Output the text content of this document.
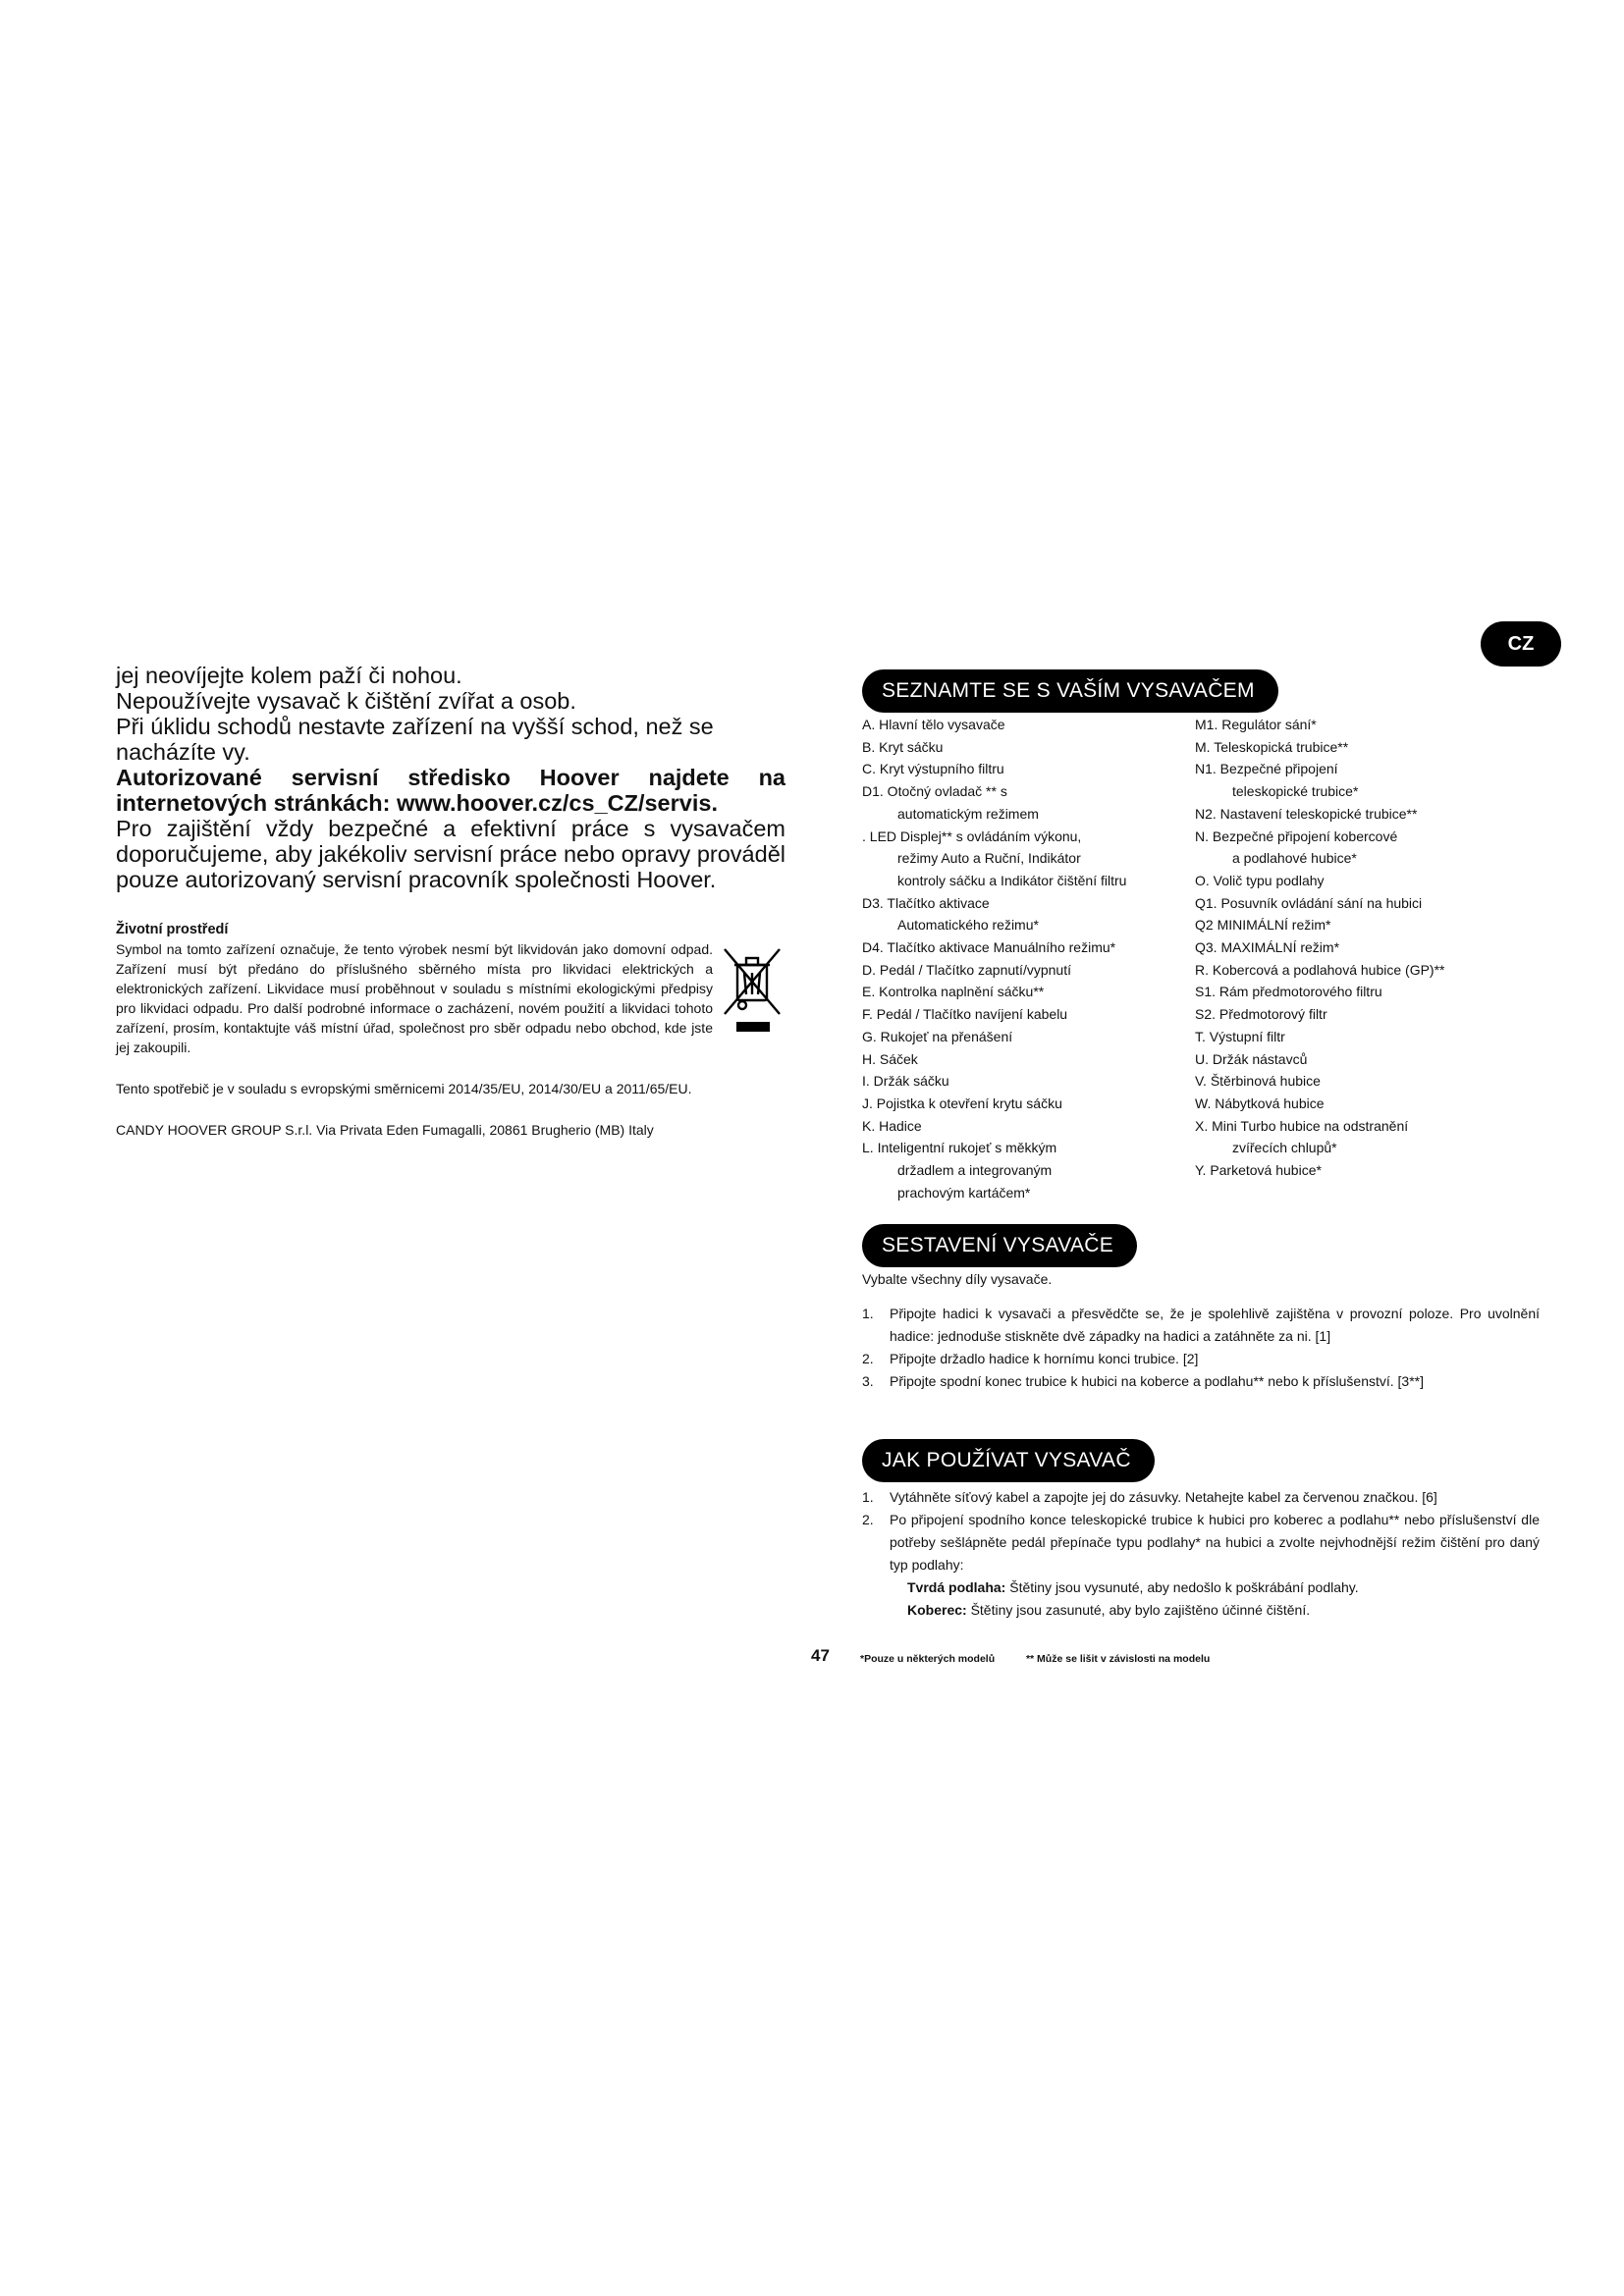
jej neovíjejte kolem paží či nohou.

Nepoužívejte vysavač k čištění zvířat a osob.

Při úklidu schodů nestavte zařízení na vyšší schod, než se

nacházíte vy.

Autorizované servisní středisko Hoover najdete na internetových stránkách: www.hoover.cz/cs_CZ/servis.

Pro zajištění vždy bezpečné a efektivní práce s vysavačem doporučujeme, aby jakékoliv servisní práce nebo opravy prováděl pouze autorizovaný servisní pracovník společnosti Hoover.

Životní prostředí

Symbol na tomto zařízení označuje, že tento výrobek nesmí být likvidován jako domovní odpad. Zařízení musí být předáno do příslušného sběrného místa pro likvidaci elektrických a elektronických zařízení. Likvidace musí proběhnout v souladu s místními ekologickými předpisy pro likvidaci odpadu. Pro další podrobné informace o zacházení, novém použití a likvidaci tohoto zařízení, prosím, kontaktujte váš místní úřad, společnost pro sběr odpadu nebo obchod, kde jste jej zakoupili.

Tento spotřebič je v souladu s evropskými směrnicemi 2014/35/EU, 2014/30/EU a 2011/65/EU.

CANDY HOOVER GROUP S.r.l. Via Privata Eden Fumagalli, 20861 Brugherio (MB) Italy

CZ
SEZNAMTE SE S VAŠÍM VYSAVAČEM
A. Hlavní tělo vysavače
B. Kryt sáčku
C. Kryt výstupního filtru
D1. Otočný ovladač ** s
automatickým režimem
. LED Displej** s ovládáním výkonu,
režimy Auto a Ruční, Indikátor
kontroly sáčku a Indikátor čištění filtru
D3. Tlačítko aktivace
Automatického režimu*
D4. Tlačítko aktivace Manuálního režimu*
D. Pedál / Tlačítko zapnutí/vypnutí
E. Kontrolka naplnění sáčku**
F. Pedál / Tlačítko navíjení kabelu
G. Rukojeť na přenášení
H. Sáček
I. Držák sáčku
J. Pojistka k otevření krytu sáčku
K. Hadice
L. Inteligentní rukojeť s měkkým
držadlem a integrovaným
prachovým kartáčem*
M1. Regulátor sání*
M. Teleskopická trubice**
N1. Bezpečné připojení
teleskopické trubice*
N2. Nastavení teleskopické trubice**
N. Bezpečné připojení kobercové
a podlahové hubice*
O. Volič typu podlahy
Q1. Posuvník ovládání sání na hubici
Q2 MINIMÁLNÍ režim*
Q3. MAXIMÁLNÍ režim*
R. Kobercová a podlahová hubice (GP)**
S1. Rám předmotorového filtru
S2. Předmotorový filtr
T. Výstupní filtr
U. Držák nástavců
V. Štěrbinová hubice
W. Nábytková hubice
X. Mini Turbo hubice na odstranění
zvířecích chlupů*
Y. Parketová hubice*
SESTAVENÍ VYSAVAČE
Vybalte všechny díly vysavače.
1.	Připojte hadici k vysavači a přesvědčte se, že je spolehlivě zajištěna v provozní poloze. Pro uvolnění hadice: jednoduše stiskněte dvě západky na hadici a zatáhněte za ni. [1]
2.	Připojte držadlo hadice k hornímu konci trubice. [2]
3.	Připojte spodní konec trubice k hubici na koberce a podlahu** nebo k příslušenství. [3**]
JAK POUŽÍVAT VYSAVAČ
1.	Vytáhněte síťový kabel a zapojte jej do zásuvky. Netahejte kabel za červenou značkou. [6]
2.	Po připojení spodního konce teleskopické trubice k hubici pro koberec a podlahu** nebo příslušenství dle potřeby sešlápněte pedál přepínače typu podlahy* na hubici a zvolte nejvhodnější režim čištění pro daný typ podlahy:
Tvrdá podlaha: Štětiny jsou vysunuté, aby nedošlo k poškrábání podlahy.
Koberec: Štětiny jsou zasunuté, aby bylo zajištěno účinné čištění.
47	*Pouze u některých modelů	** Může se lišit v závislosti na modelu
